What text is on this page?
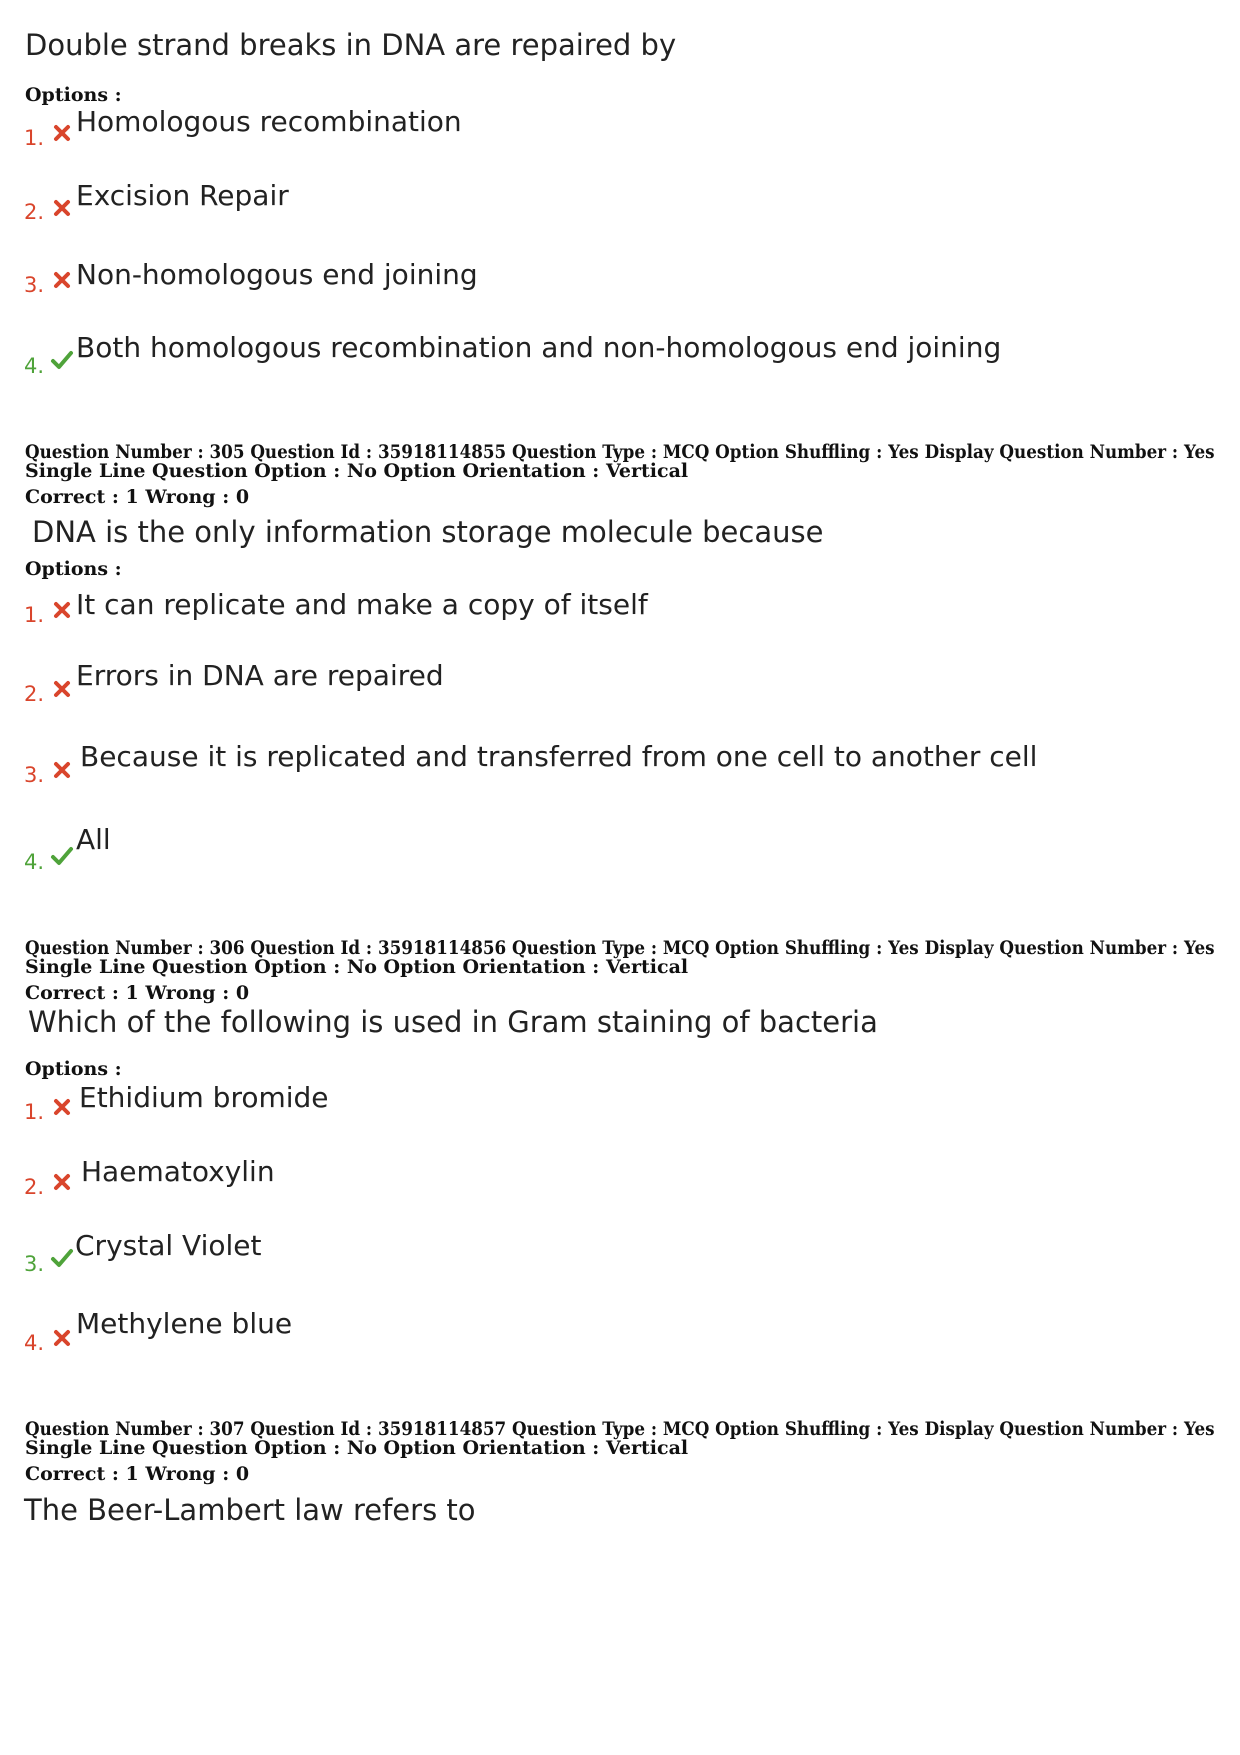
Double strand breaks in DNA are repaired by
Options :
1. Homologous recombination
2. Excision Repair
3. Non-homologous end joining
4.
Both homologous recombination and non-homologous end joining
Question Number : 305 Question Id : 35918114855 Question Type : MCQ Option Shuffling : Yes Display Question Number : Yes
Single Line Question Option : No Option Orientation : Vertical
Correct : 1 Wrong : 0
DNA is the only information storage molecule because
Options :
1. It can replicate and make a copy of itself
2.
Errors in DNA are repaired
3.
Because it is replicated and transferred from one cell to another cell
4.
All
Question Number : 306 Question Id : 35918114856 Question Type : MCQ Option Shuffling : Yes Display Question Number : Yes
Single Line Question Option : No Option Orientation : Vertical
Correct : 1 Wrong : 0
Which of the following is used in Gram staining of bacteria
Options :
1. Ethidium bromide
2. Haematoxylin
3.
Crystal Violet
4.
Methylene blue
Question Number : 307 Question Id : 35918114857 Question Type : MCQ Option Shuffling : Yes Display Question Number : Yes
Single Line Question Option : No Option Orientation : Vertical
Correct : 1 Wrong : 0
The Beer-Lambert law refers to
